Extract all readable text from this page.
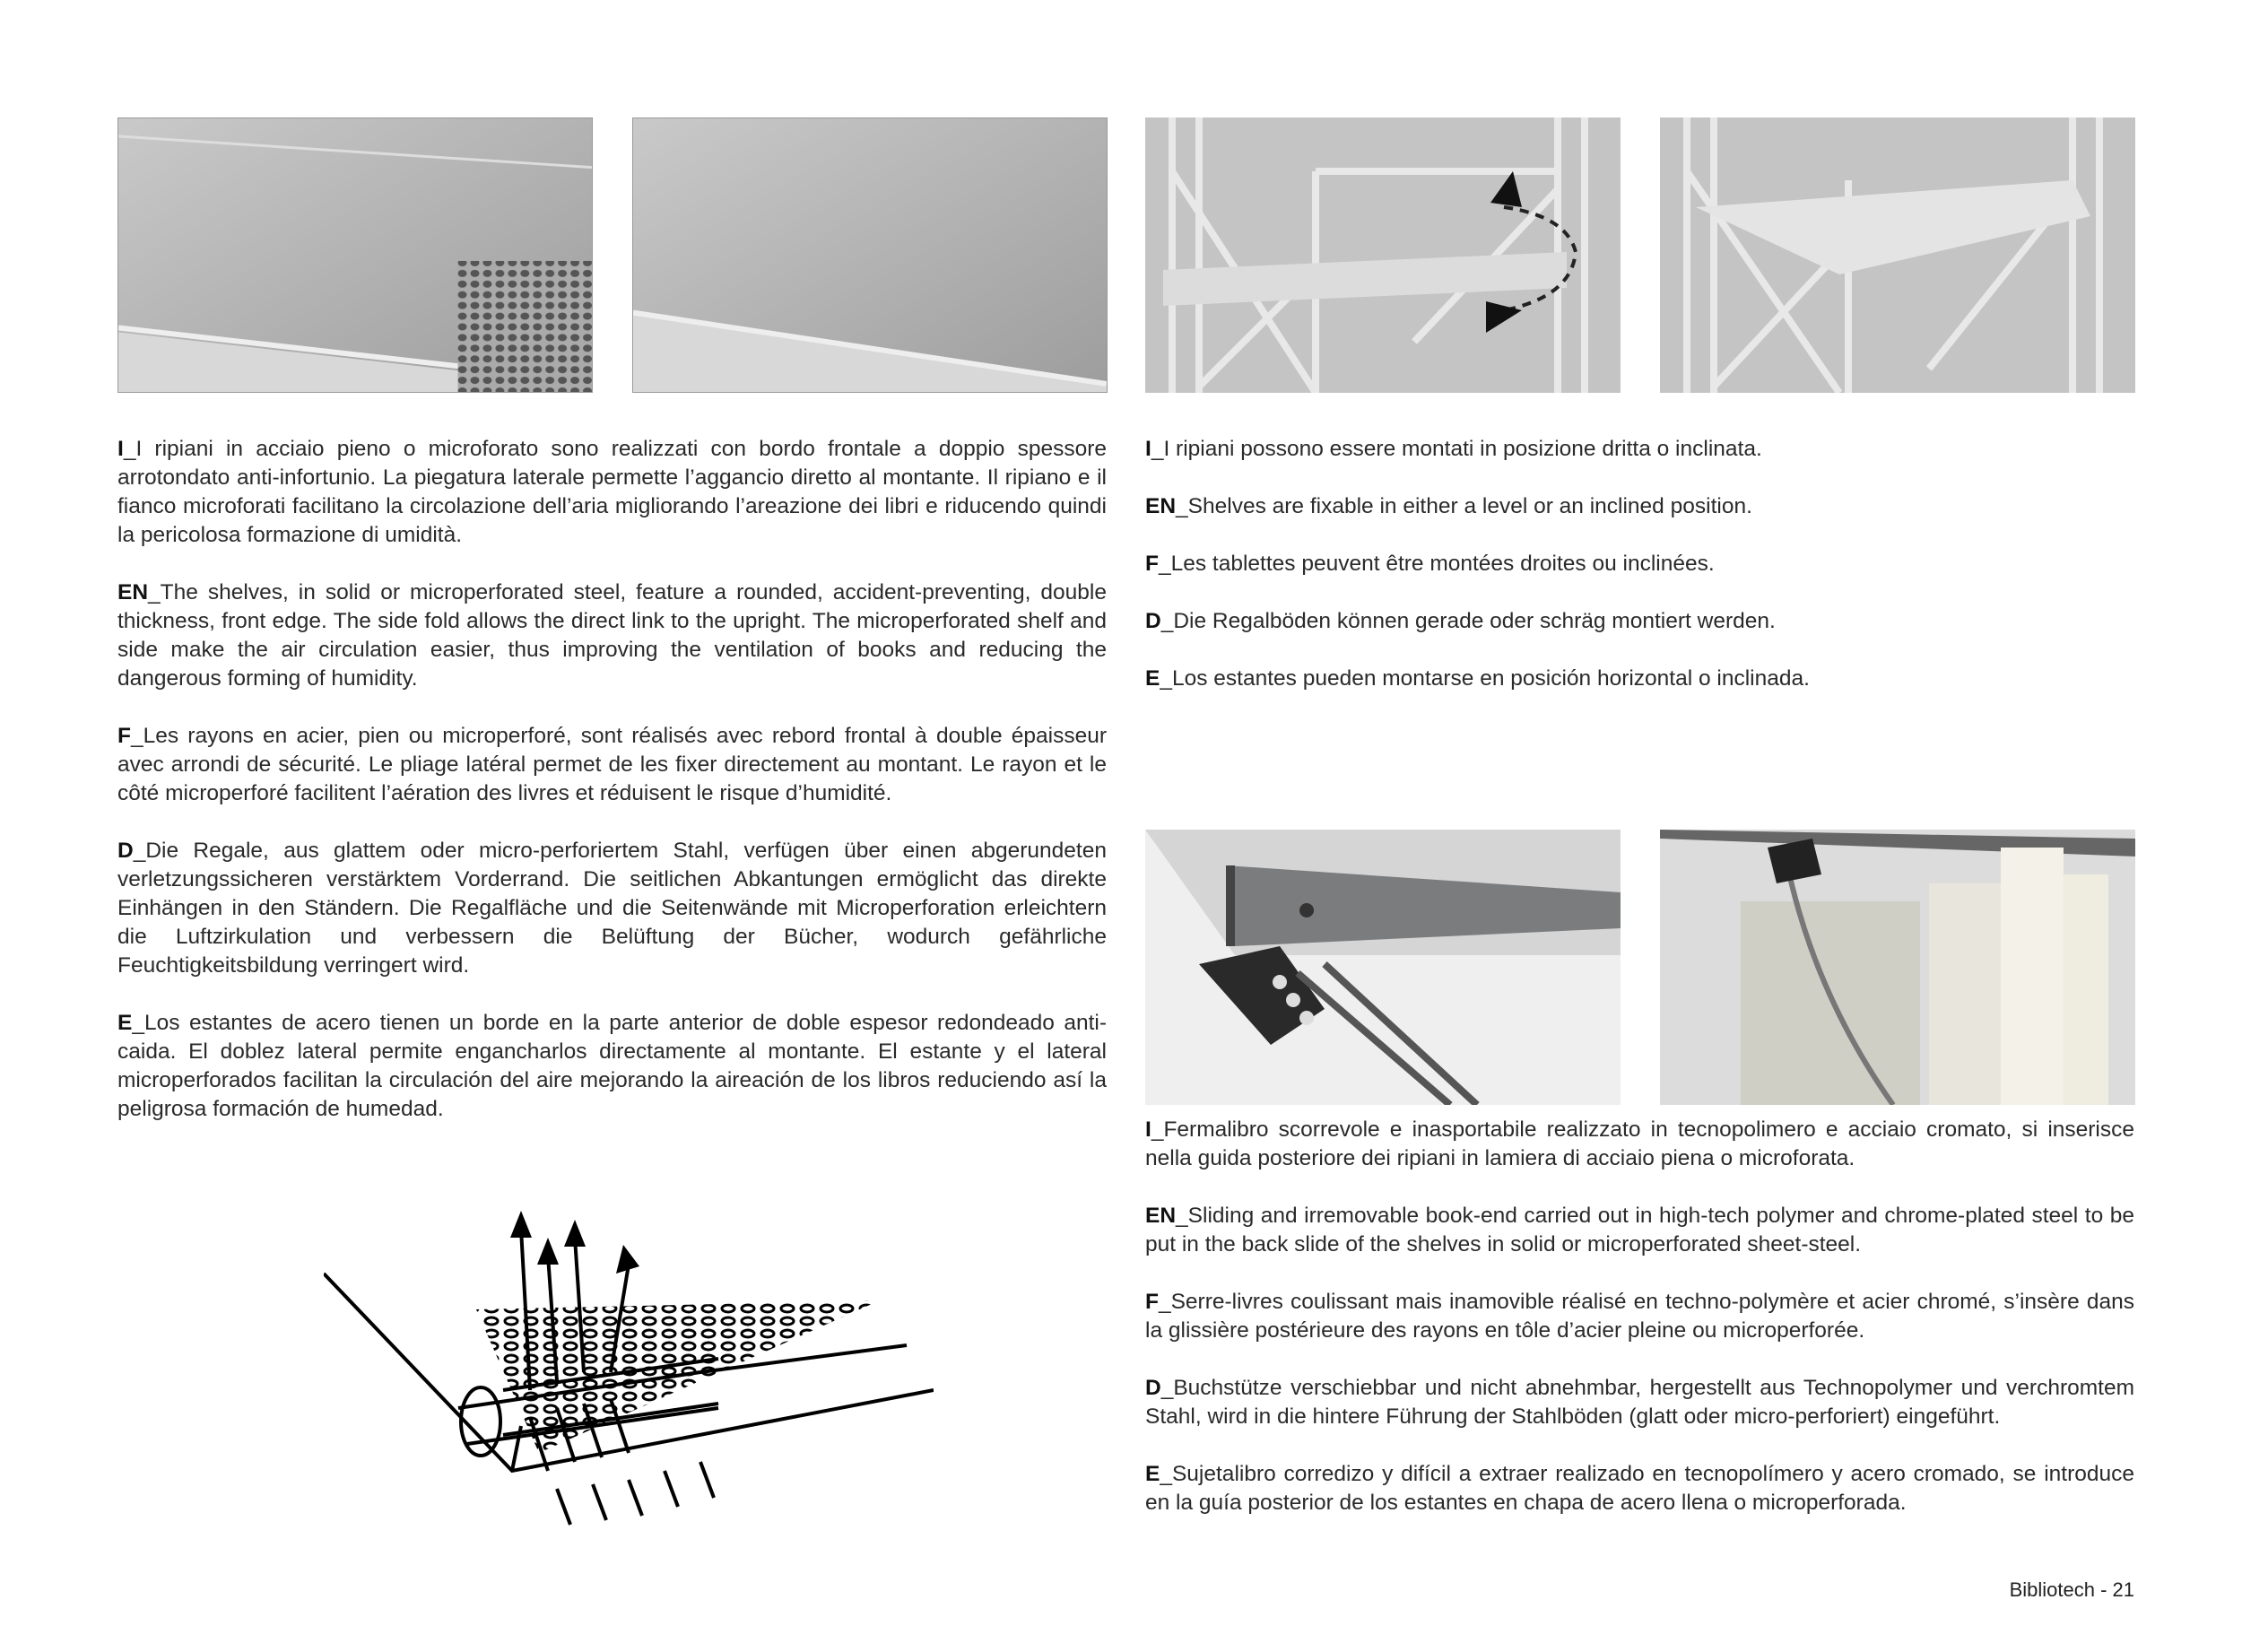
I_I ripiani in acciaio pieno o microforato sono realizzati con bordo frontale a doppio spessore arrotondato anti-infortunio. La piegatura laterale permette l’aggancio diretto al montante. Il ripiano e il fianco microforati facilitano la circolazione dell’aria migliorando l’areazione dei libri e riducendo quindi la pericolosa formazione di umidità.

EN_The shelves, in solid or microperforated steel, feature a rounded, accident-preventing, double thickness, front edge. The side fold allows the direct link to the upright. The microperforated shelf and side make the air circulation easier, thus improving the ventilation of books and reducing the dangerous forming of humidity.

F_Les rayons en acier, pien ou microperforé, sont réalisés avec rebord frontal à double épaisseur avec arrondi de sécurité. Le pliage latéral permet de les fixer directement au montant. Le rayon et le côté microperforé facilitent l’aération des livres et réduisent le risque d’humidité.

D_Die Regale, aus glattem oder micro-perforiertem Stahl, verfügen über einen abgerundeten verletzungssicheren verstärktem Vorderrand. Die seitlichen Abkantungen ermöglicht das direkte Einhängen in den Ständern. Die Regalfläche und die Seitenwände mit Microperforation erleichtern die Luftzirkulation und verbessern die Belüftung der Bücher, wodurch gefährliche Feuchtigkeitsbildung verringert wird.

E_Los estantes de acero tienen un borde en la parte anterior de doble espesor redondeado anti-caida. El doblez lateral permite engancharlos directamente al montante. El estante y el lateral microperforados facilitan la circulación del aire mejorando la aireación de los libros reduciendo así la peligrosa formación de humedad.

I_I ripiani possono essere montati in posizione dritta o inclinata.

EN_Shelves are fixable in either a level or an inclined position.

F_Les tablettes peuvent être montées droites ou inclinées.

D_Die Regalböden können gerade oder schräg montiert werden.

E_Los estantes pueden montarse en posición horizontal o inclinada.

I_Fermalibro scorrevole e inasportabile realizzato in tecnopolimero e acciaio cromato, si inserisce nella guida posteriore dei ripiani in lamiera di acciaio piena o microforata.

EN_Sliding and irremovable book-end carried out in high-tech polymer and chrome-plated steel to be put in the back slide of the shelves in solid or microperforated sheet-steel.

F_Serre-livres coulissant mais inamovible réalisé en techno-polymère et acier chromé, s’insère dans la glissière postérieure des rayons en tôle d’acier pleine ou microperforée.

D_Buchstütze verschiebbar und nicht abnehmbar, hergestellt aus Technopolymer und verchromtem Stahl, wird in die hintere Führung der Stahlböden (glatt oder micro-perforiert) eingeführt.

E_Sujetalibro corredizo y difícil a extraer realizado en tecnopolímero y acero cromado, se introduce en la guía posterior de los estantes en chapa de acero llena o microperforada.

Bibliotech - 21
